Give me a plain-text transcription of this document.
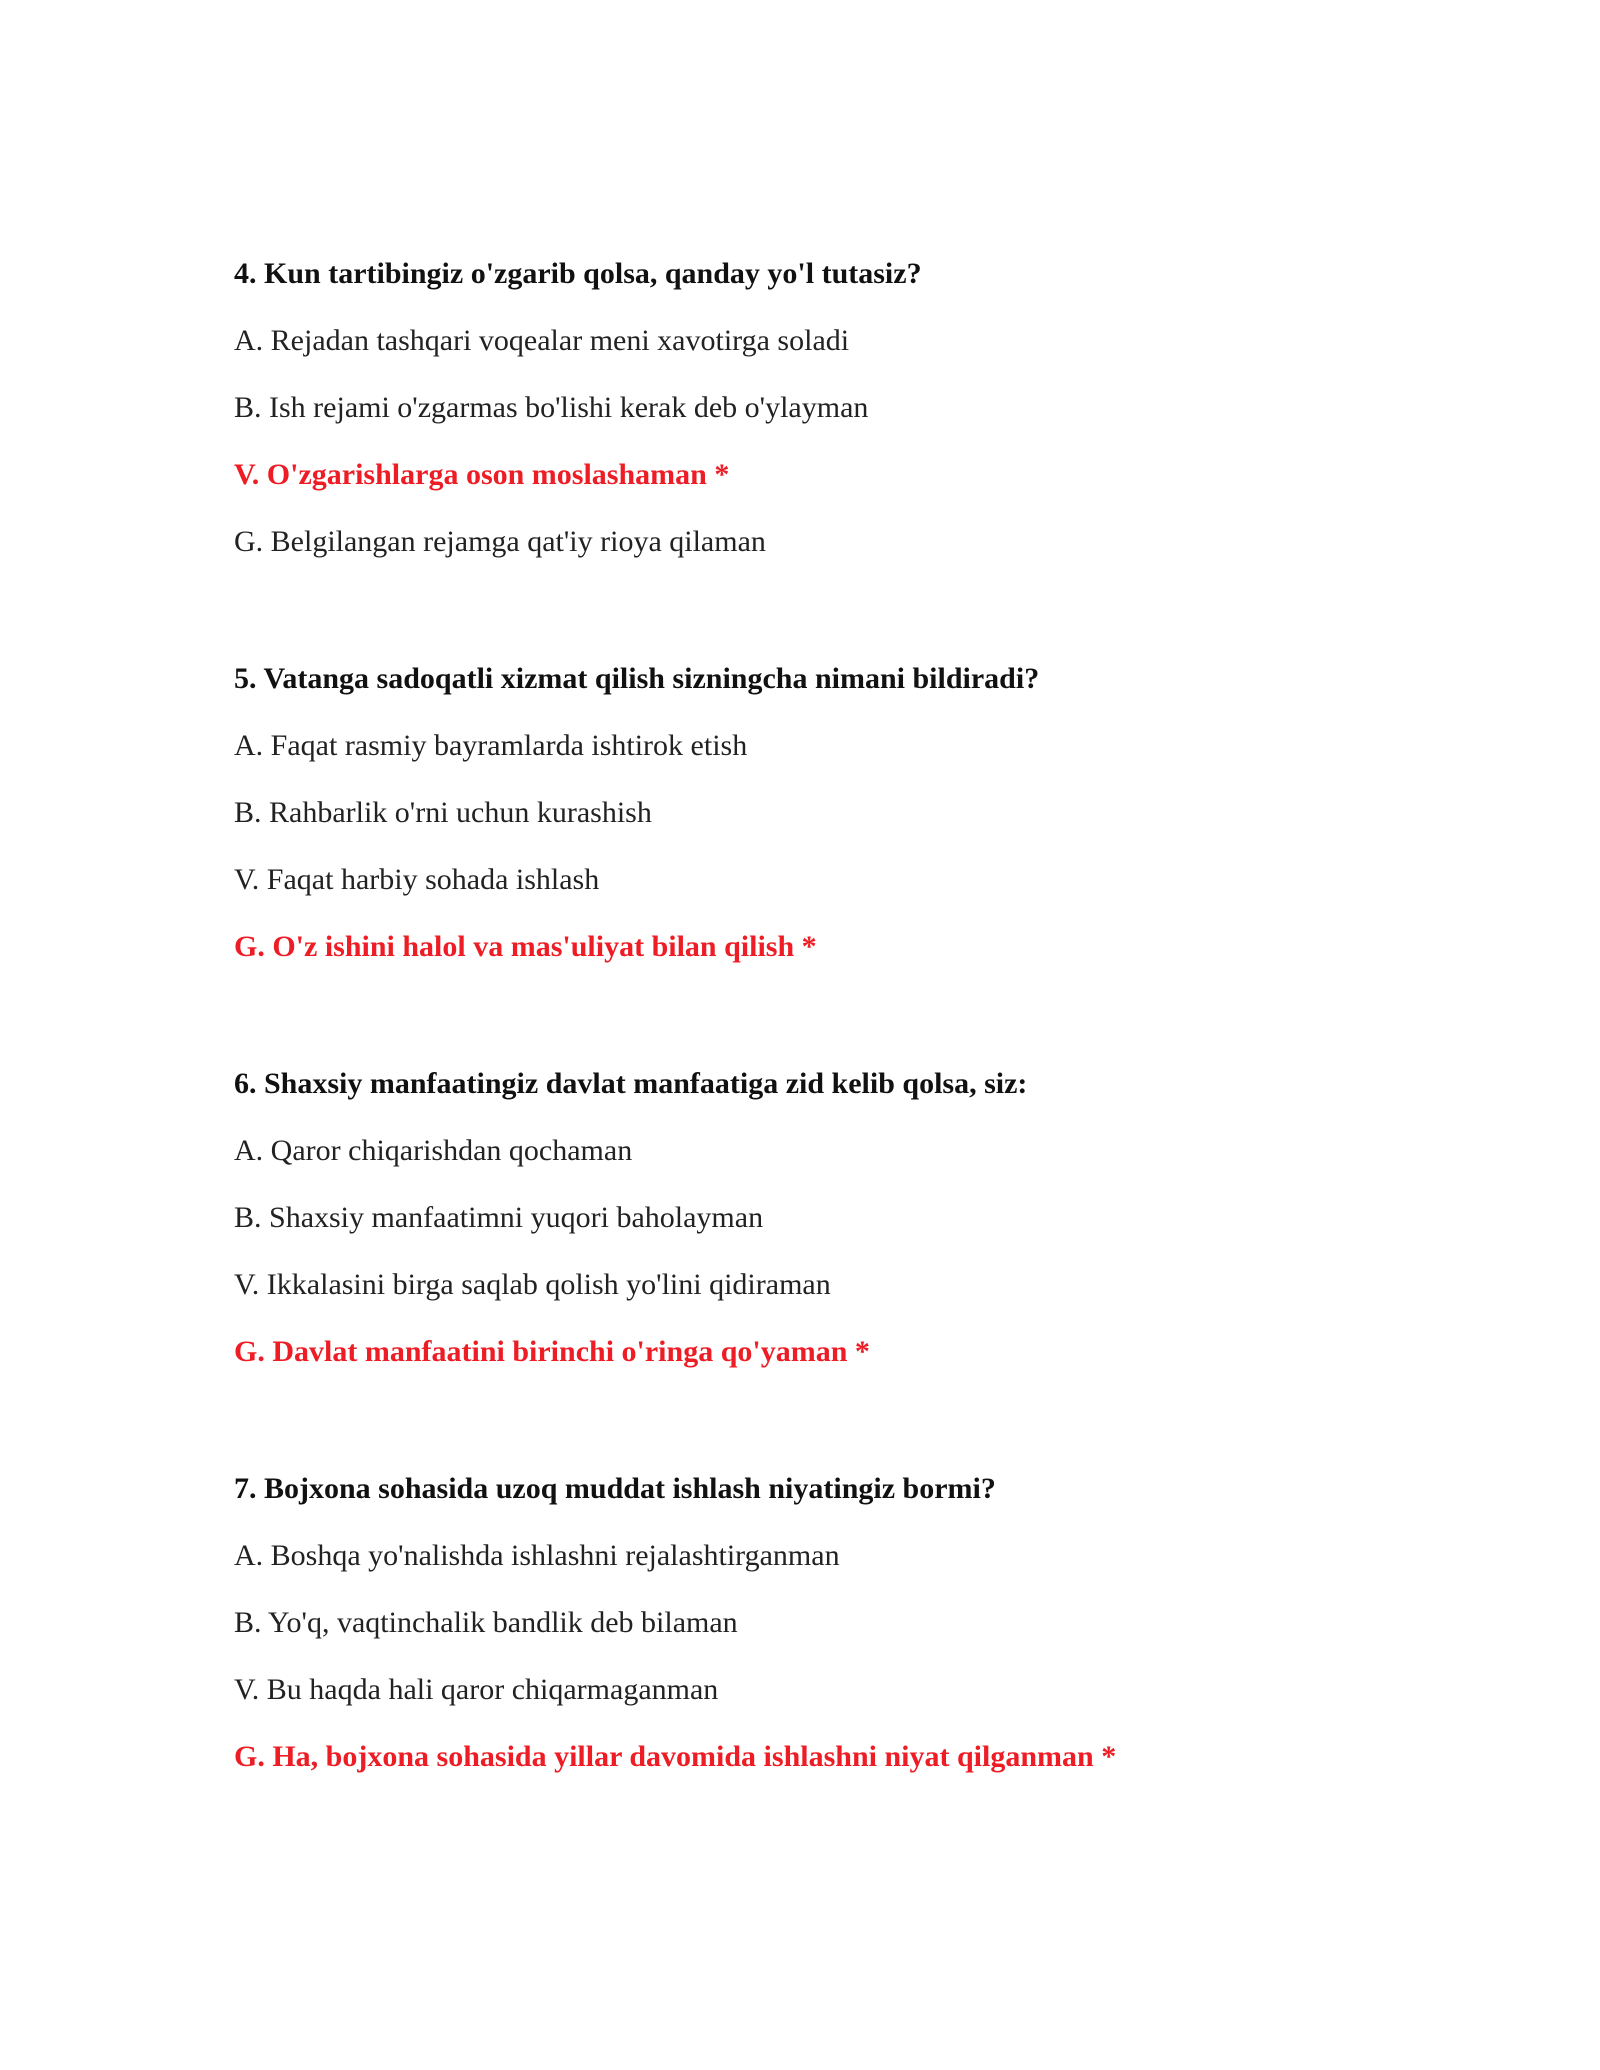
4. Kun tartibingiz o'zgarib qolsa, qanday yo'l tutasiz?

A. Rejadan tashqari voqealar meni xavotirga soladi

B. Ish rejami o'zgarmas bo'lishi kerak deb o'ylayman

V. O'zgarishlarga oson moslashaman *

G. Belgilangan rejamga qat'iy rioya qilaman

5. Vatanga sadoqatli xizmat qilish sizningcha nimani bildiradi?

A. Faqat rasmiy bayramlarda ishtirok etish

B. Rahbarlik o'rni uchun kurashish

V. Faqat harbiy sohada ishlash

G. O'z ishini halol va mas'uliyat bilan qilish *

6. Shaxsiy manfaatingiz davlat manfaatiga zid kelib qolsa, siz:

A. Qaror chiqarishdan qochaman

B. Shaxsiy manfaatimni yuqori baholayman

V. Ikkalasini birga saqlab qolish yo'lini qidiraman

G. Davlat manfaatini birinchi o'ringa qo'yaman *

7. Bojxona sohasida uzoq muddat ishlash niyatingiz bormi?

A. Boshqa yo'nalishda ishlashni rejalashtirganman

B. Yo'q, vaqtinchalik bandlik deb bilaman

V. Bu haqda hali qaror chiqarmaganman

G. Ha, bojxona sohasida yillar davomida ishlashni niyat qilganman *
